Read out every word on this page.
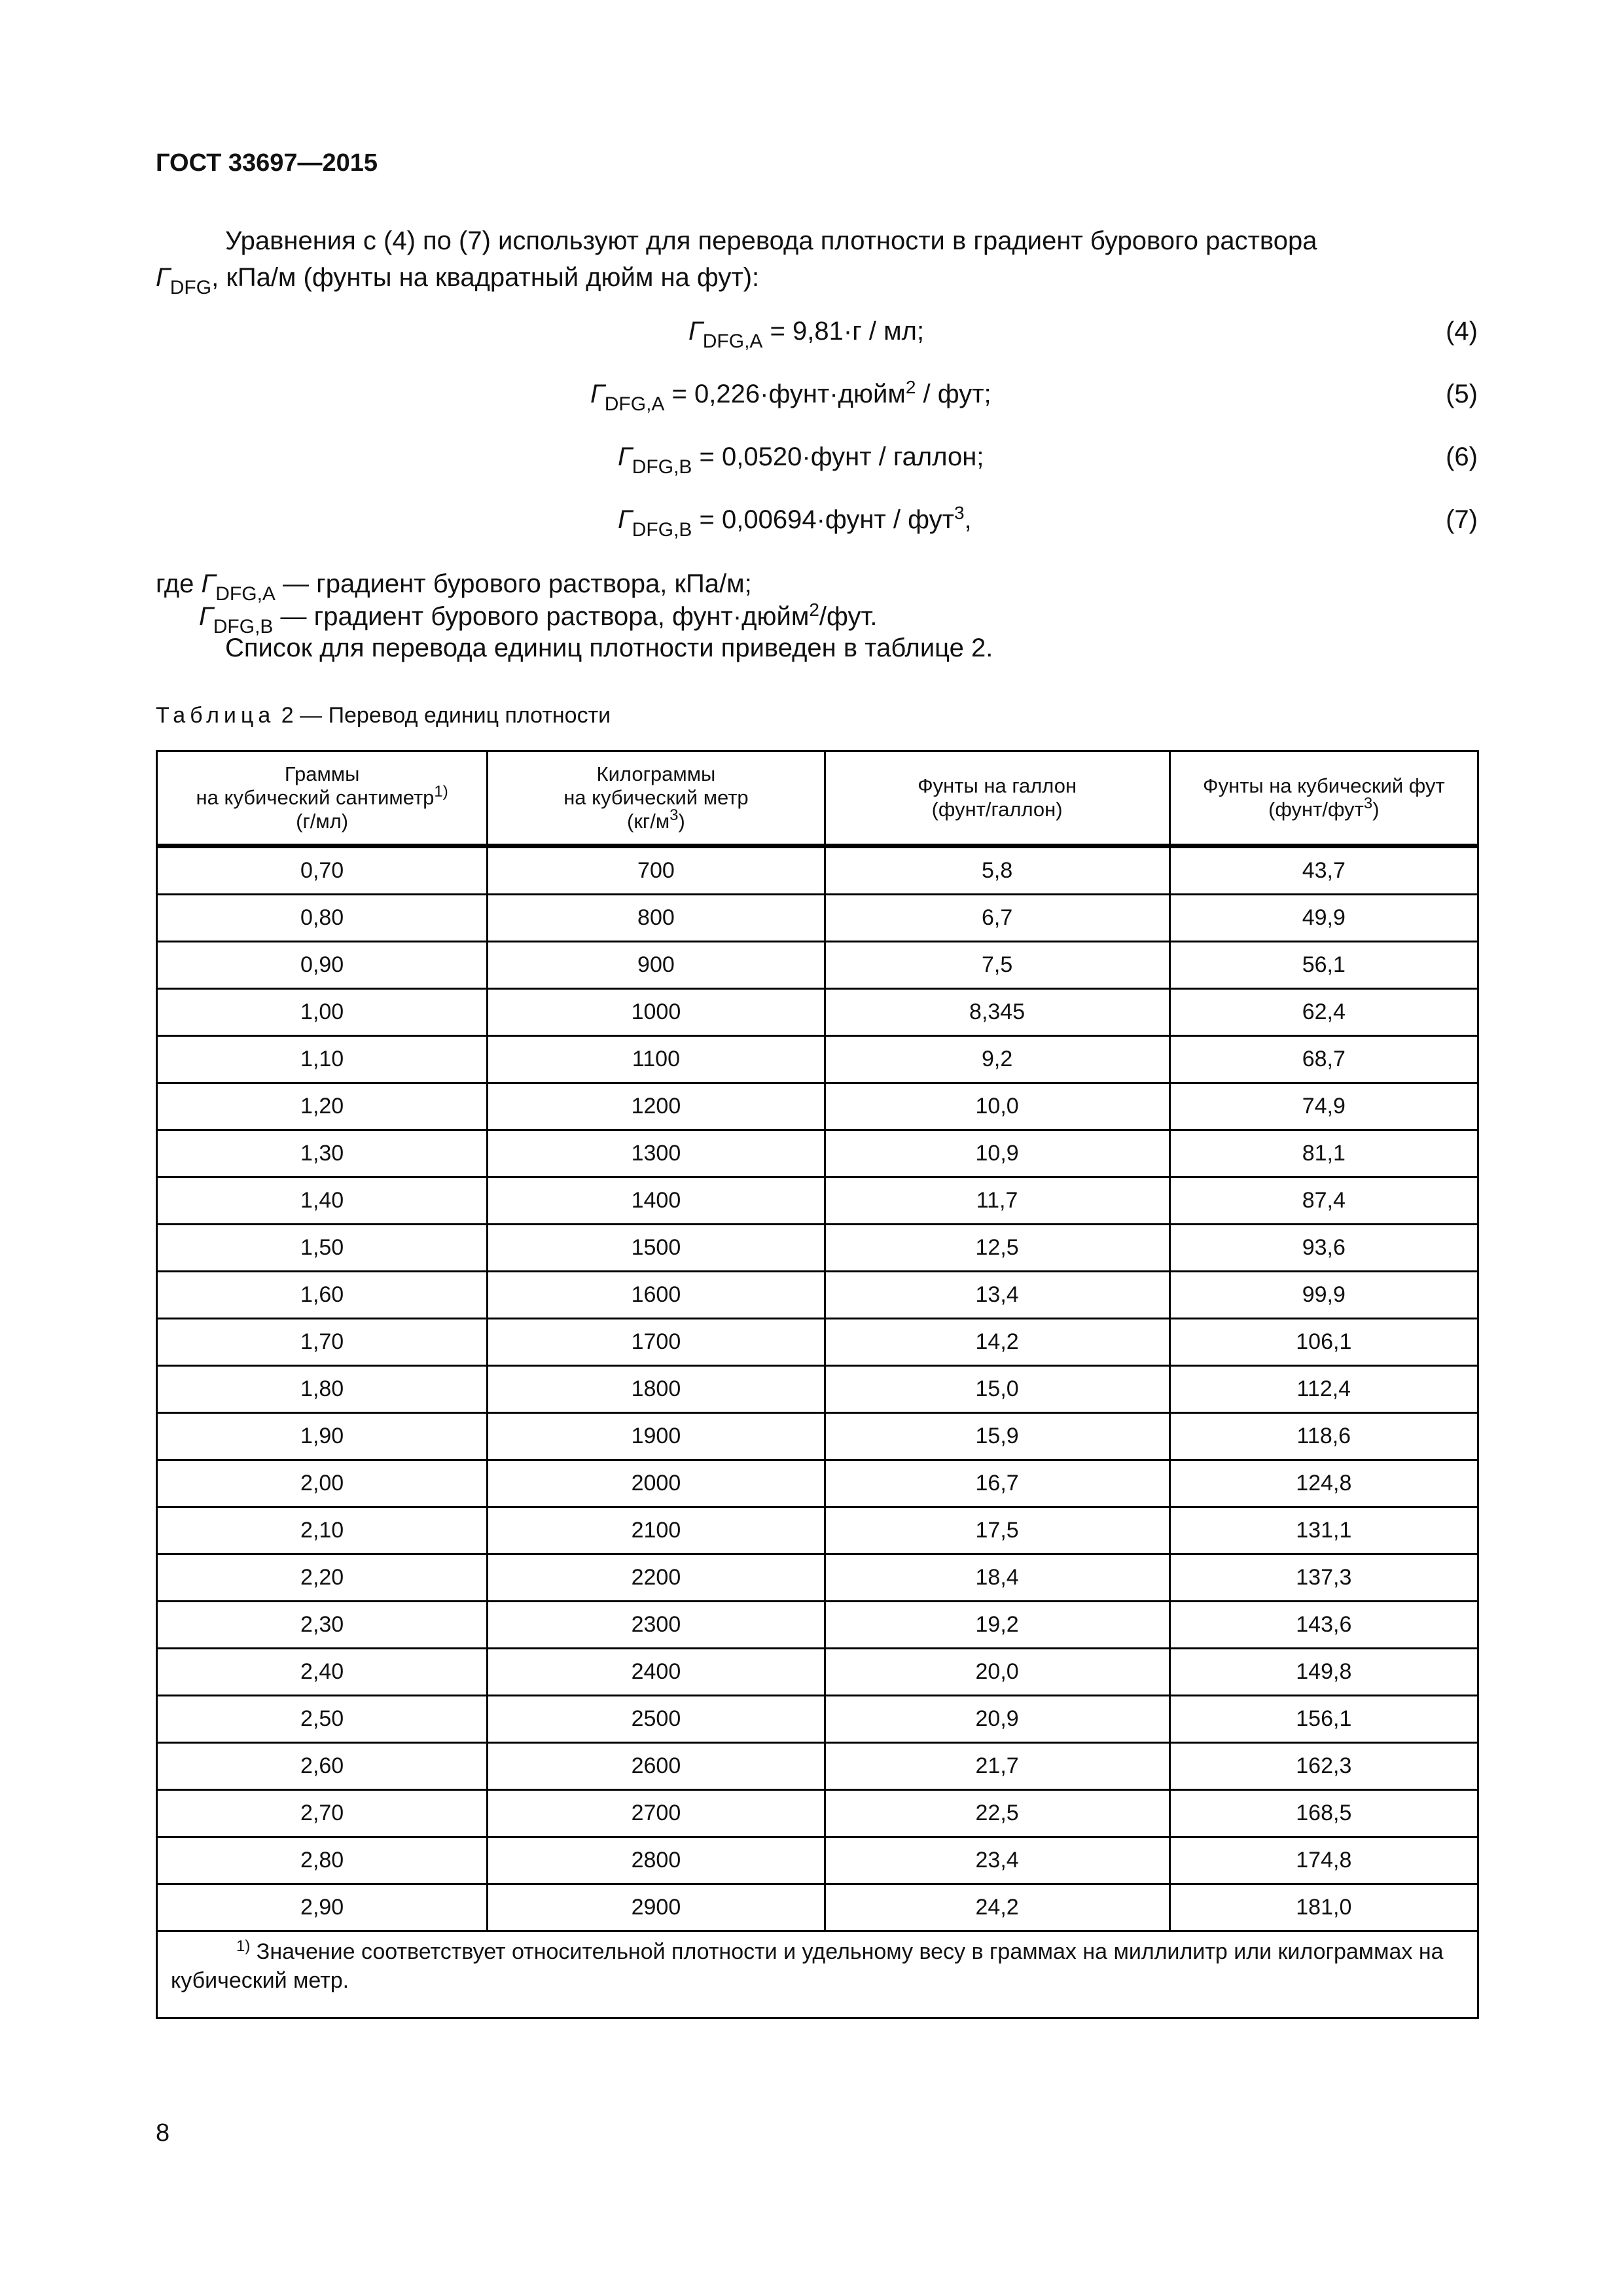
ГОСТ 33697—2015
Уравнения с (4) по (7) используют для перевода плотности в градиент бурового раствора
$Г_{DFG}$, кПа/м (фунты на квадратный дюйм на фут):
$Г_{DFG,A} = 9,81\cdot г$ / мл;	(4)
$Г_{DFG,A}$ = 0,226·фунт·дюйм$^2$ / фут;	(5)
$Г_{DFG,B}$ = 0,0520·фунт / галлон;	(6)
$Г_{DFG,B}$ = 0,00694·фунт / фут$^3$,	(7)
где $Г_{DFG,A}$ — градиент бурового раствора, кПа/м;
$Г_{DFG,B}$ — градиент бурового раствора, фунт·дюйм$^2$/фут.
Список для перевода единиц плотности приведен в таблице 2.
Таблица 2 — Перевод единиц плотности
Граммы
на кубический сантиметр$^{1)}$
(г/мл)	Килограммы
на кубический метр
$(кг/м^3)$	Фунты на галлон
(фунт/галлон)	Фунты на кубический фут
(фунт/фут$^3$)
0,70	700	5,8	43,7
0,80	800	6,7	49,9
0,90	900	7,5	56,1
1,00	1000	8,345	62,4
1,10	1100	9,2	68,7
1,20	1200	10,0	74,9
1,30	1300	10,9	81,1
1,40	1400	11,7	87,4
1,50	1500	12,5	93,6
1,60	1600	13,4	99,9
1,70	1700	14,2	106,1
1,80	1800	15,0	112,4
1,90	1900	15,9	118,6
2,00	2000	16,7	124,8
2,10	2100	17,5	131,1
2,20	2200	18,4	137,3
2,30	2300	19,2	143,6
2,40	2400	20,0	149,8
2,50	2500	20,9	156,1
2,60	2600	21,7	162,3
2,70	2700	22,5	168,5
2,80	2800	23,4	174,8
2,90	2900	24,2	181,0
$^{1)}$ Значение соответствует относительной плотности и удельному весу в граммах на миллилитр или килограммах на кубический метр.			
8
